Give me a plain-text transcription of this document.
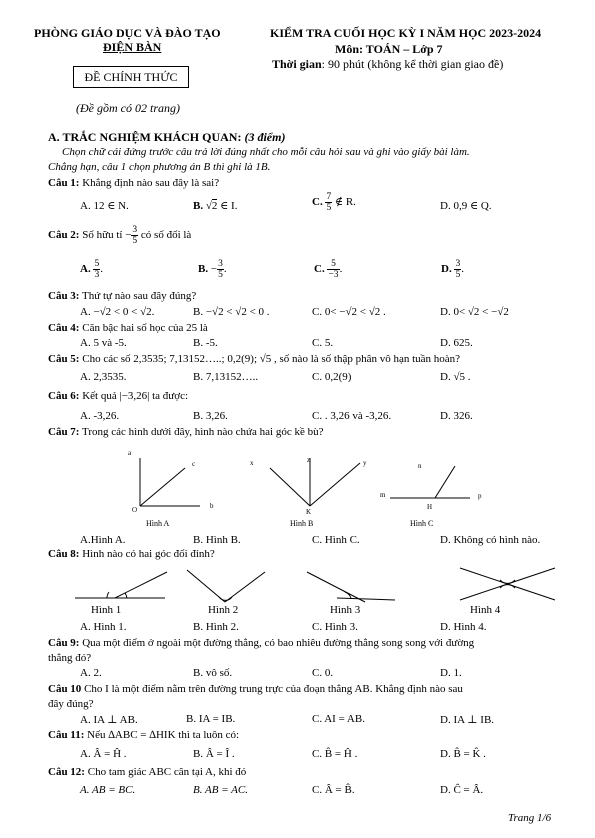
PHÒNG GIÁO DỤC VÀ ĐÀO TẠO
ĐIỆN BÀN
ĐỀ CHÍNH THỨC
(Đề gồm có 02 trang)
KIỂM TRA CUỐI HỌC KỲ I NĂM HỌC 2023-2024
Môn: TOÁN – Lớp 7
Thời gian: 90 phút (không kể thời gian giao đề)
A. TRẮC NGHIỆM KHÁCH QUAN: (3 điểm)
Chọn chữ cái đứng trước câu trả lời đúng nhất cho mỗi câu hỏi sau và ghi vào giấy bài làm.
Chẳng hạn, câu 1 chọn phương án B thì ghi là 1B.
Câu 1: Khẳng định nào sau đây là sai?
A. 12 ∈ N.	B. √2 ∈ I.	C. $\frac{7}{5}$ ∉ R.	D. 0,9 ∈ Q.
Câu 2: Số hữu tỉ − $\frac{3}{5}$ có số đối là
A. $\frac{5}{3}$ .	B. − $\frac{3}{5}$ .	C. $\frac{5}{-3}$ .	D. $\frac{3}{5}$ .
Câu 3: Thứ tự nào sau đây đúng?
A. −√2 < 0 < √2.	B. −√2 < √2 < 0 .	C. 0< −√2 < √2 .	D. 0< √2 < −√2
Câu 4: Căn bậc hai số học của 25 là
A. 5 và -5.	B. -5.	C. 5.	D. 625.
Câu 5: Cho các số 2,3535; 7,13152…..; 0,2(9); √5 , số nào là số thập phân vô hạn tuần hoàn?
A. 2,3535.	B. 7,13152…..	C. 0,2(9)	D. √5 .
Câu 6: Kết quả |−3,26| ta được:
A. -3,26.	B. 3,26.	C. . 3,26 và -3,26.	D. 326.
Câu 7: Trong các hình dưới đây, hình nào chứa hai góc kề bù?
a
c
O	b
x	z	y
K
n
m	p
H
Hình A	Hình B	Hình C
A.Hình A.	B. Hình B.	C. Hình C.	D. Không có hình nào.
Câu 8: Hình nào có hai góc đối đỉnh?
Hình 1	Hình 2	Hình 3	Hình 4
A. Hình 1.	B. Hình 2.	C. Hình 3.	D. Hình 4.
Câu 9: Qua một điểm ở ngoài một đường thẳng, có bao nhiêu đường thẳng song song với đường
thẳng đó?
A. 2.	B. vô số.	C. 0.	D. 1.
Câu 10 Cho I là một điểm nằm trên đường trung trực của đoạn thẳng AB. Khẳng định nào sau
đây đúng?
A. IA ⊥ AB.	B. IA = IB.	C. AI = AB.	D. IA ⊥ IB.
Câu 11: Nếu ∆ABC = ∆HIK thì ta luôn có:
A. Â = Ĥ .	B. Â = Î .	C. B̂ = Ĥ .	D. B̂ = K̂ .
Câu 12: Cho tam giác ABC cân tại A, khi đó
A. AB = BC.	B. AB = AC.	C. Â = B̂.	D. Ĉ = Â.
Trang 1/6
